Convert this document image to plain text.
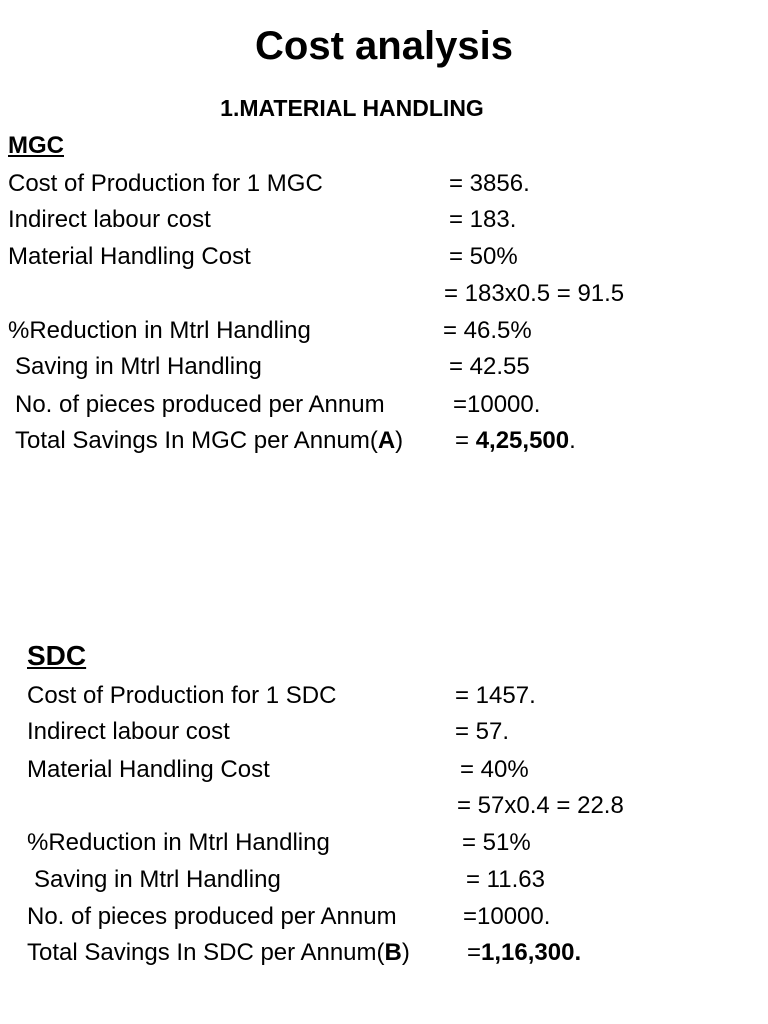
Cost analysis
1.MATERIAL HANDLING
MGC
Cost of Production for 1 MGC	= 3856.
Indirect labour cost	= 183.
Material Handling Cost	= 50%
= 183x0.5 = 91.5
%Reduction in Mtrl Handling	= 46.5%
Saving in Mtrl Handling	= 42.55
No. of pieces produced per Annum	=10000.
Total Savings In MGC per Annum(A) = 4,25,500.
SDC
Cost of Production for 1 SDC	= 1457.
Indirect labour cost	= 57.
Material Handling Cost	= 40%
= 57x0.4 = 22.8
%Reduction in Mtrl Handling	= 51%
Saving in Mtrl Handling	= 11.63
No. of pieces produced per Annum	=10000.
Total Savings In SDC per Annum(B) =1,16,300.
